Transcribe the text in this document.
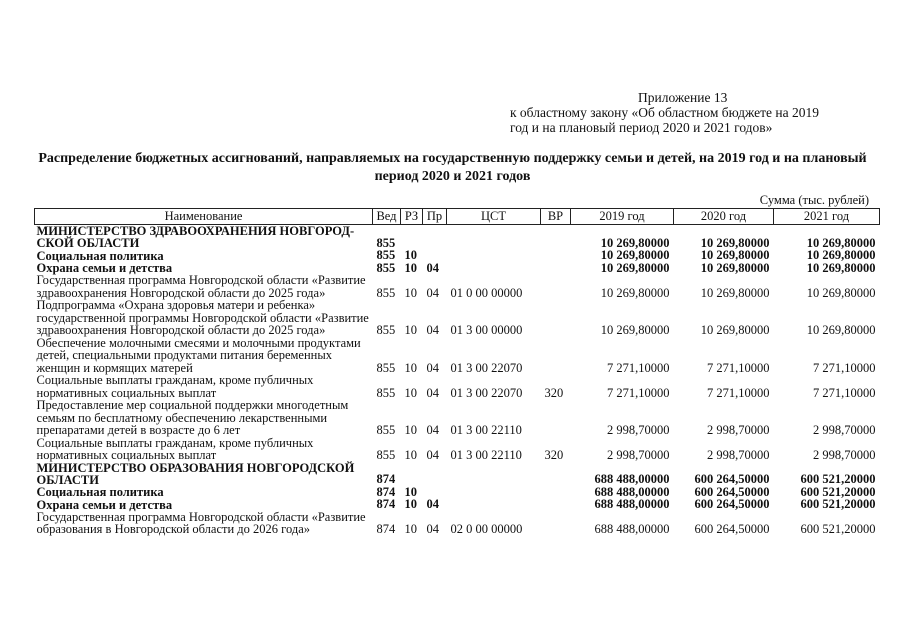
Приложение 13
к областному закону «Об областном бюджете на 2019
год и на плановый период 2020 и 2021 годов»
Распределение бюджетных ассигнований, направляемых на государственную поддержку семьи и детей, на 2019 год и на плановый период 2020 и 2021 годов
Сумма (тыс. рублей)
Наименование	Вед	РЗ	Пр	ЦСТ	ВР	2019 год	2020 год	2021 год
МИНИСТЕРСТВО ЗДРАВООХРАНЕНИЯ НОВГОРОД-СКОЙ ОБЛАСТИ	855					10 269,80000	10 269,80000	10 269,80000
Социальная политика	855	10				10 269,80000	10 269,80000	10 269,80000
Охрана семьи и детства	855	10	04			10 269,80000	10 269,80000	10 269,80000
Государственная программа Новгородской области «Развитие здравоохранения Новгородской области до 2025 года»	855	10	04	01 0 00 00000		10 269,80000	10 269,80000	10 269,80000
Подпрограмма «Охрана здоровья матери и ребенка» государственной программы Новгородской области «Развитие здравоохранения Новгородской области до 2025 года»	855	10	04	01 3 00 00000		10 269,80000	10 269,80000	10 269,80000
Обеспечение молочными смесями и молочными продуктами детей, специальными продуктами питания беременных женщин и кормящих матерей	855	10	04	01 3 00 22070		7 271,10000	7 271,10000	7 271,10000
Социальные выплаты гражданам, кроме публичных нормативных социальных выплат	855	10	04	01 3 00 22070	320	7 271,10000	7 271,10000	7 271,10000
Предоставление мер социальной поддержки многодетным семьям по бесплатному обеспечению лекарственными препаратами детей в возрасте до 6 лет	855	10	04	01 3 00 22110		2 998,70000	2 998,70000	2 998,70000
Социальные выплаты гражданам, кроме публичных нормативных социальных выплат	855	10	04	01 3 00 22110	320	2 998,70000	2 998,70000	2 998,70000
МИНИСТЕРСТВО ОБРАЗОВАНИЯ НОВГОРОДСКОЙ ОБЛАСТИ	874					688 488,00000	600 264,50000	600 521,20000
Социальная политика	874	10				688 488,00000	600 264,50000	600 521,20000
Охрана семьи и детства	874	10	04			688 488,00000	600 264,50000	600 521,20000
Государственная программа Новгородской области «Развитие образования в Новгородской области до 2026 года»	874	10	04	02 0 00 00000		688 488,00000	600 264,50000	600 521,20000
